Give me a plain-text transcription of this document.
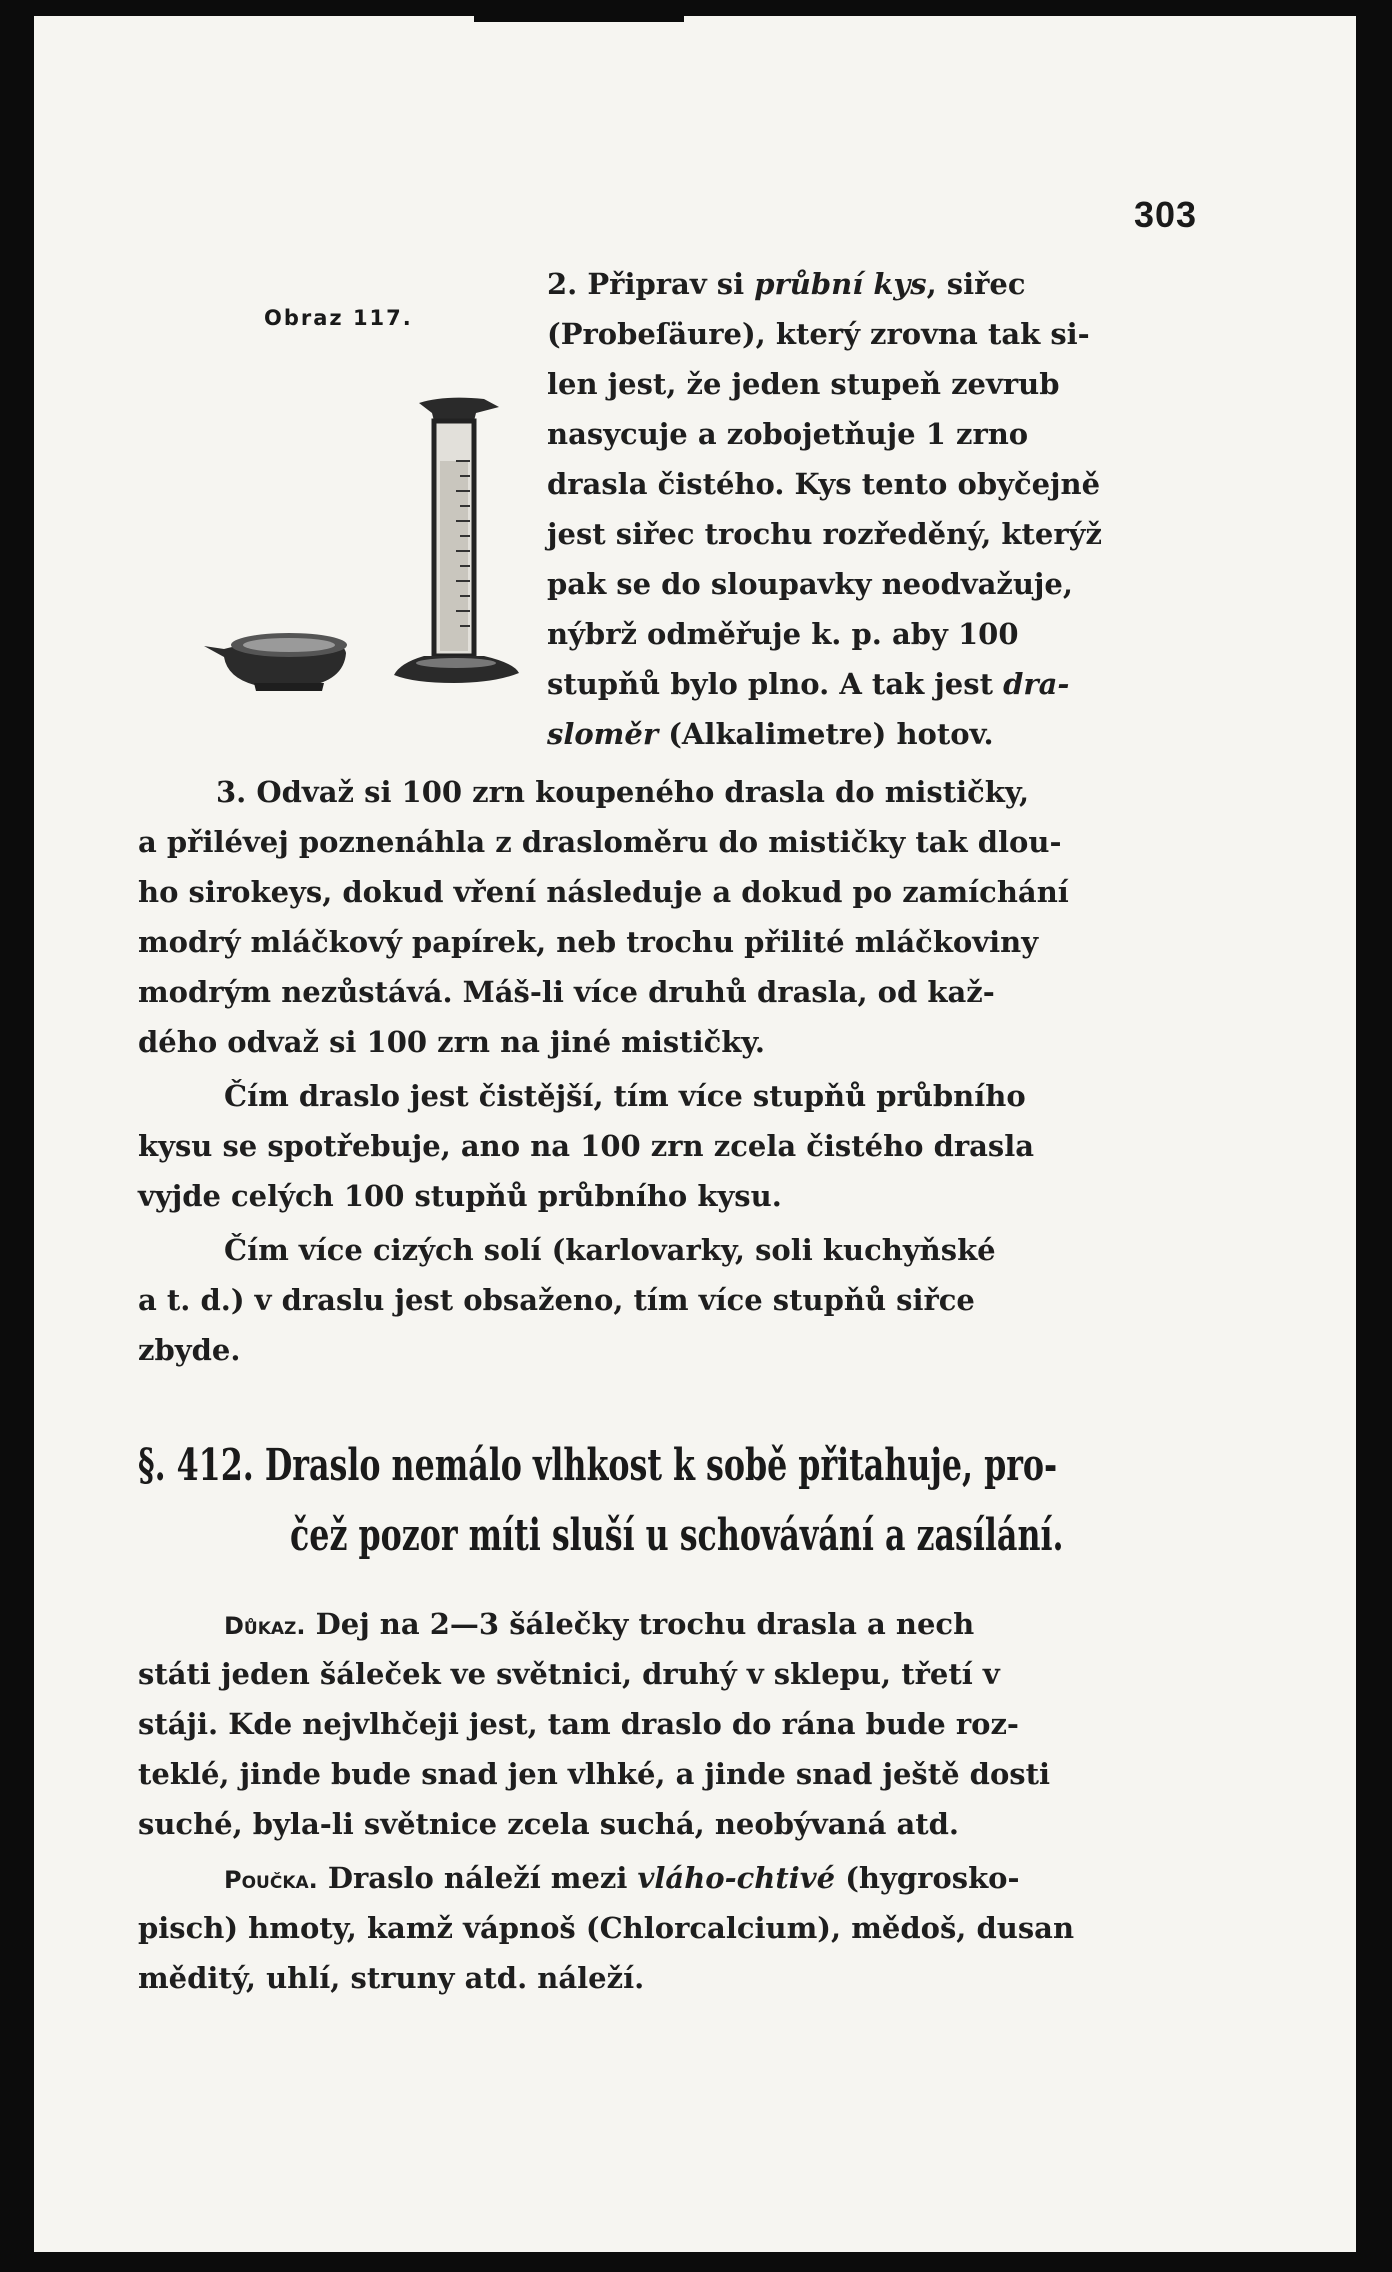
303
Obraz 117.
2. Připrav si průbní kys, siřec
(Probeſäure), který zrovna tak si-
len jest, že jeden stupeň zevrub
nasycuje a zobojetňuje 1 zrno
drasla čistého. Kys tento obyčejně
jest siřec trochu rozředěný, kterýž
pak se do sloupavky neodvažuje,
nýbrž odměřuje k. p. aby 100
stupňů bylo plno. A tak jest dra-
sloměr (Alkalimetre) hotov.
3. Odvaž si 100 zrn koupeného drasla do mističky,
a přilévej poznenáhla z drasloměru do mističky tak dlou-
ho sirokeys, dokud vření následuje a dokud po zamíchání
modrý mláčkový papírek, neb trochu přilité mláčkoviny
modrým nezůstává. Máš-li více druhů drasla, od kaž-
dého odvaž si 100 zrn na jiné mističky.
Čím draslo jest čistější, tím více stupňů průbního
kysu se spotřebuje, ano na 100 zrn zcela čistého drasla
vyjde celých 100 stupňů průbního kysu.
Čím více cizých solí (karlovarky, soli kuchyňské
a t. d.) v draslu jest obsaženo, tím více stupňů siřce
zbyde.
§. 412. Draslo nemálo vlhkost k sobě přitahuje, pro-
čež pozor míti sluší u schovávání a zasílání.
Důkaz. Dej na 2—3 šálečky trochu drasla a nech
státi jeden šáleček ve světnici, druhý v sklepu, třetí v
stáji. Kde nejvlhčeji jest, tam draslo do rána bude roz-
teklé, jinde bude snad jen vlhké, a jinde snad ještě dosti
suché, byla-li světnice zcela suchá, neobývaná atd.
Poučka. Draslo náleží mezi vláho-chtivé (hygrosko-
pisch) hmoty, kamž vápnoš (Chlorcalcium), mědoš, dusan
měditý, uhlí, struny atd. náleží.
